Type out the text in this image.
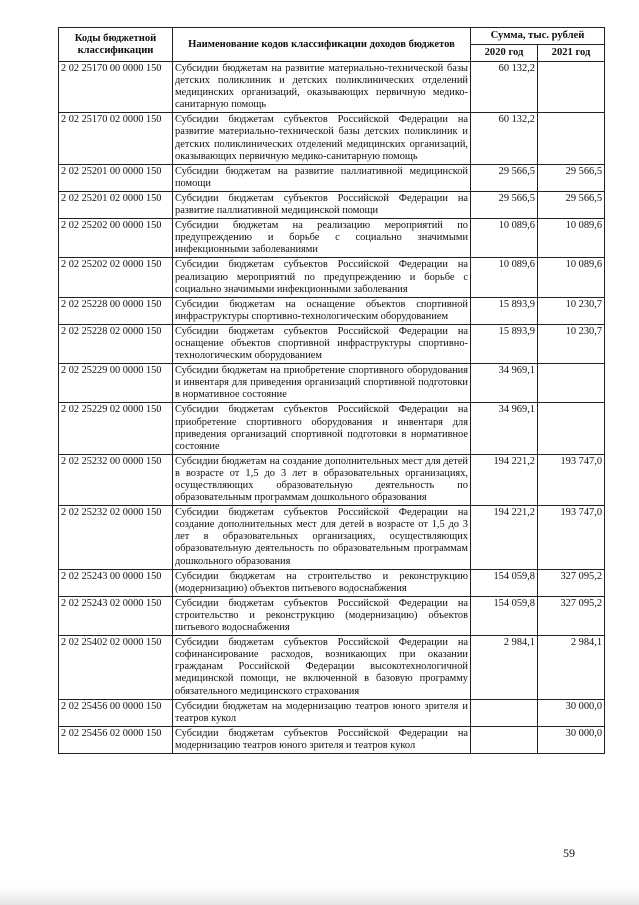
Коды бюджетной классификации	Наименование кодов классификации доходов бюджетов	Сумма, тыс. рублей	
		2020 год	2021 год
2 02 25170 00 0000 150	Субсидии бюджетам на развитие материально-технической базы детских поликлиник и детских поликлинических отделений медицинских организаций, оказывающих первичную медико-санитарную помощь	60 132,2	
2 02 25170 02 0000 150	Субсидии бюджетам субъектов Российской Федерации на развитие материально-технической базы детских поликлиник и детских поликлинических отделений медицинских организаций, оказывающих первичную медико-санитарную помощь	60 132,2	
2 02 25201 00 0000 150	Субсидии бюджетам на развитие паллиативной медицинской помощи	29 566,5	29 566,5
2 02 25201 02 0000 150	Субсидии бюджетам субъектов Российской Федерации на развитие паллиативной медицинской помощи	29 566,5	29 566,5
2 02 25202 00 0000 150	Субсидии бюджетам на реализацию мероприятий по предупреждению и борьбе с социально значимыми инфекционными заболеваниями	10 089,6	10 089,6
2 02 25202 02 0000 150	Субсидии бюджетам субъектов Российской Федерации на реализацию мероприятий по предупреждению и борьбе с социально значимыми инфекционными заболевания	10 089,6	10 089,6
2 02 25228 00 0000 150	Субсидии бюджетам на оснащение объектов спортивной инфраструктуры спортивно-технологическим оборудованием	15 893,9	10 230,7
2 02 25228 02 0000 150	Субсидии бюджетам субъектов Российской Федерации на оснащение объектов спортивной инфраструктуры спортивно-технологическим оборудованием	15 893,9	10 230,7
2 02 25229 00 0000 150	Субсидии бюджетам на приобретение спортивного оборудования и инвентаря для приведения организаций спортивной подготовки в нормативное состояние	34 969,1	
2 02 25229 02 0000 150	Субсидии бюджетам субъектов Российской Федерации на приобретение спортивного оборудования и инвентаря для приведения организаций спортивной подготовки в нормативное состояние	34 969,1	
2 02 25232 00 0000 150	Субсидии бюджетам на создание дополнительных мест для детей в возрасте от 1,5 до 3 лет в образовательных организациях, осуществляющих образовательную деятельность по образовательным программам дошкольного образования	194 221,2	193 747,0
2 02 25232 02 0000 150	Субсидии бюджетам субъектов Российской Федерации на создание дополнительных мест для детей в возрасте от 1,5 до 3 лет в образовательных организациях, осуществляющих образовательную деятельность по образовательным программам дошкольного образования	194 221,2	193 747,0
2 02 25243 00 0000 150	Субсидии бюджетам на строительство и реконструкцию (модернизацию) объектов питьевого водоснабжения	154 059,8	327 095,2
2 02 25243 02 0000 150	Субсидии бюджетам субъектов Российской Федерации на строительство и реконструкцию (модернизацию) объектов питьевого водоснабжения	154 059,8	327 095,2
2 02 25402 02 0000 150	Субсидии бюджетам субъектов Российской Федерации на софинансирование расходов, возникающих при оказании гражданам Российской Федерации высокотехнологичной медицинской помощи, не включенной в базовую программу обязательного медицинского страхования	2 984,1	2 984,1
2 02 25456 00 0000 150	Субсидии бюджетам на модернизацию театров юного зрителя и театров кукол		30 000,0
2 02 25456 02 0000 150	Субсидии бюджетам субъектов Российской Федерации на модернизацию театров юного зрителя и театров кукол		30 000,0
59
